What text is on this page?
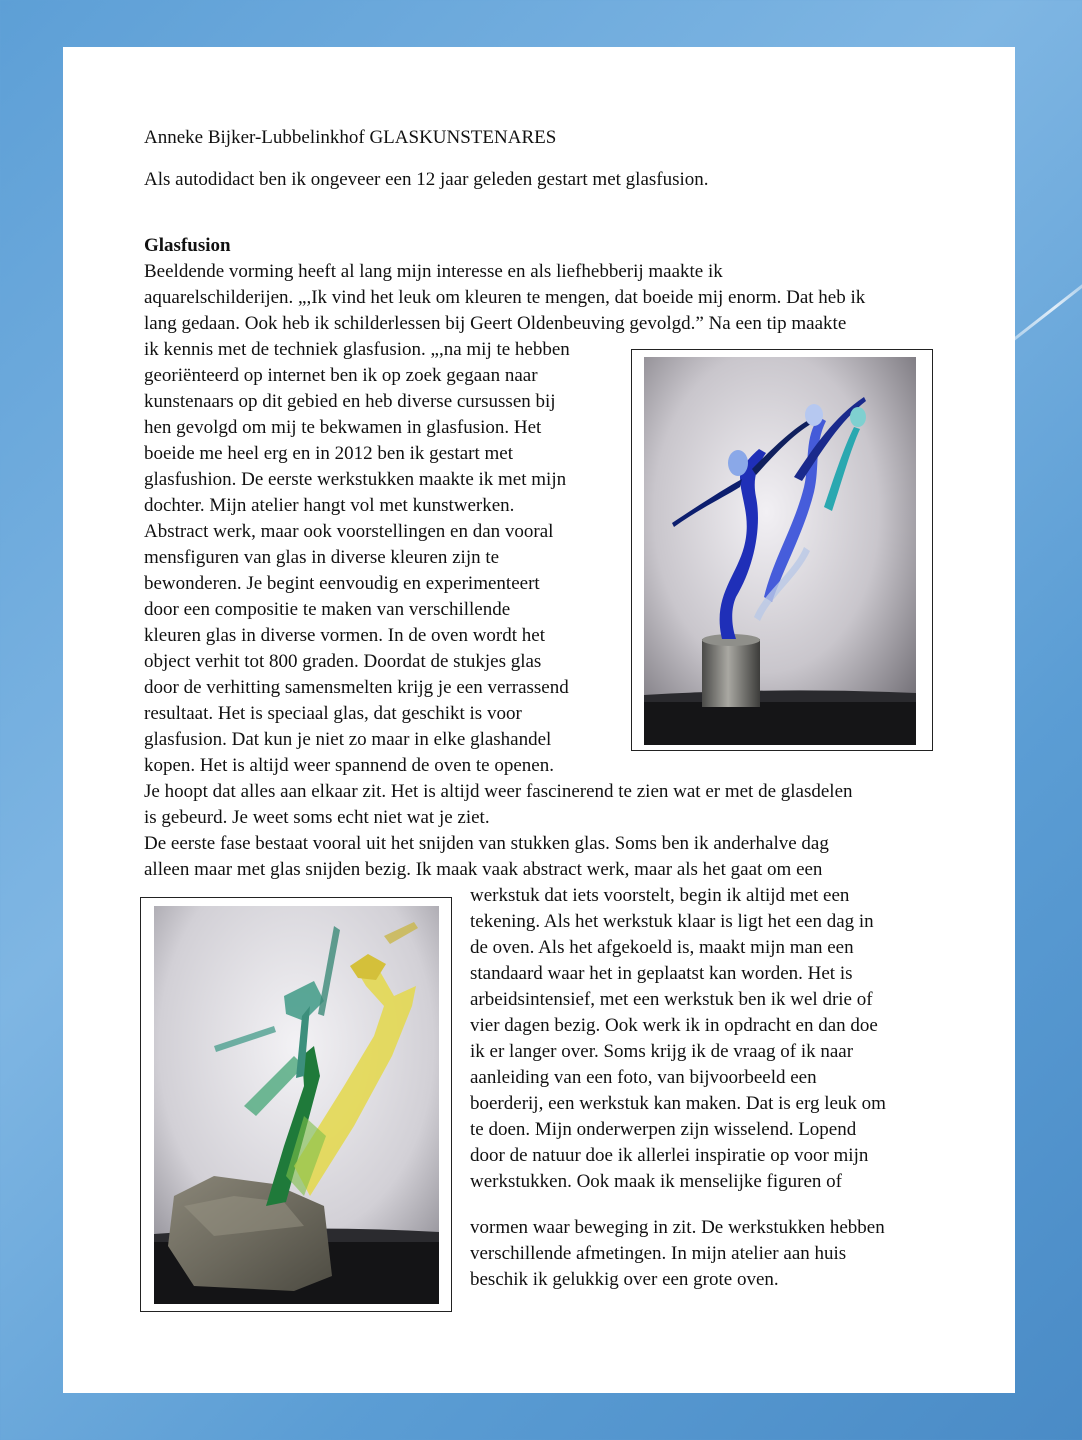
Anneke Bijker-Lubbelinkhof GLASKUNSTENARES

Als autodidact ben ik ongeveer een 12 jaar geleden gestart met glasfusion.

Glasfusion

Beeldende vorming heeft al lang mijn interesse en als liefhebberij maakte ik

aquarelschilderijen. „,Ik vind het leuk om kleuren te mengen, dat boeide mij enorm. Dat heb ik

lang gedaan. Ook heb ik schilderlessen bij Geert Oldenbeuving gevolgd.” Na een tip maakte

ik kennis met de techniek glasfusion. „,na mij te hebben

georiënteerd op internet ben ik op zoek gegaan naar

kunstenaars op dit gebied en heb diverse cursussen bij

hen gevolgd om mij te bekwamen in glasfusion. Het

boeide me heel erg en in 2012 ben ik gestart met

glasfushion. De eerste werkstukken maakte ik met mijn

dochter. Mijn atelier hangt vol met kunstwerken.

Abstract werk, maar ook voorstellingen en dan vooral

mensfiguren van glas in diverse kleuren zijn te

bewonderen. Je begint eenvoudig en experimenteert

door een compositie te maken van verschillende

kleuren glas in diverse vormen. In de oven wordt het

object verhit tot 800 graden. Doordat de stukjes glas

door de verhitting samensmelten krijg je een verrassend

resultaat. Het is speciaal glas, dat geschikt is voor

glasfusion. Dat kun je niet zo maar in elke glashandel

kopen. Het is altijd weer spannend de oven te openen.

Je hoopt dat alles aan elkaar zit. Het is altijd weer fascinerend te zien wat er met de glasdelen

is gebeurd. Je weet soms echt niet wat je ziet.

De eerste fase bestaat vooral uit het snijden van stukken glas. Soms ben ik anderhalve dag

alleen maar met glas snijden bezig. Ik maak vaak abstract werk, maar als het gaat om een

werkstuk dat iets voorstelt, begin ik altijd met een

tekening. Als het werkstuk klaar is ligt het een dag in

de oven. Als het afgekoeld is, maakt mijn man een

standaard waar het in geplaatst kan worden. Het is

arbeidsintensief, met een werkstuk ben ik wel drie of

vier dagen bezig. Ook werk ik in opdracht en dan doe

ik er langer over. Soms krijg ik de vraag of ik naar

aanleiding van een foto, van bijvoorbeeld een

boerderij, een werkstuk kan maken. Dat is erg leuk om

te doen. Mijn onderwerpen zijn wisselend. Lopend

door de natuur doe ik allerlei inspiratie op voor mijn

werkstukken. Ook maak ik menselijke figuren of

vormen waar beweging in zit. De werkstukken hebben

verschillende afmetingen. In mijn atelier aan huis

beschik ik gelukkig over een grote oven.
